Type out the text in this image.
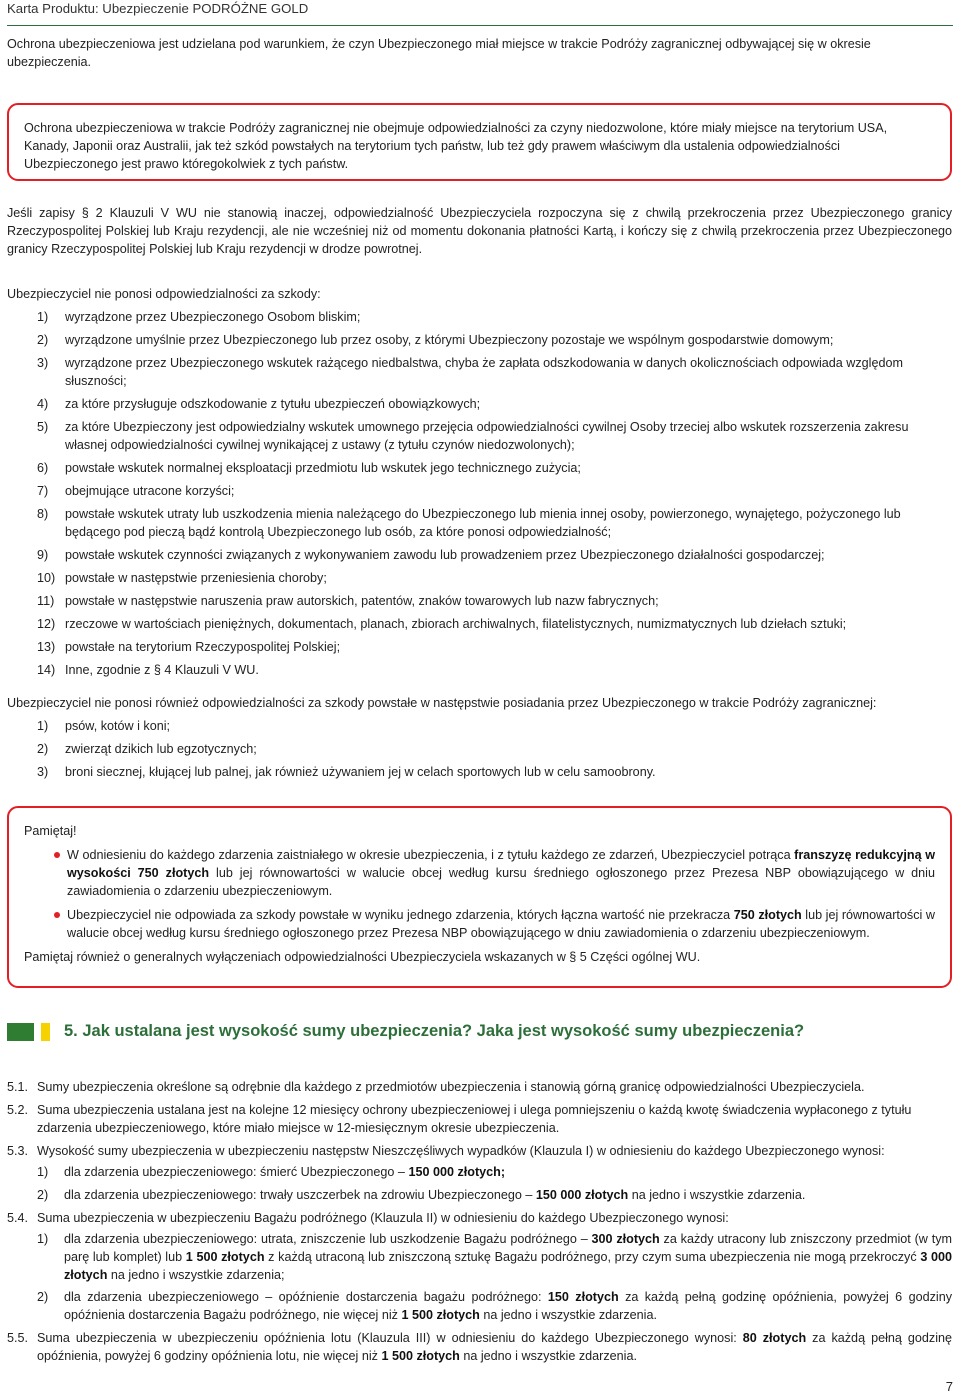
Karta Produktu: Ubezpieczenie PODRÓŻNE GOLD

Ochrona ubezpieczeniowa jest udzielana pod warunkiem, że czyn Ubezpieczonego miał miejsce w trakcie Podróży zagranicznej odbywającej się w okresie ubezpieczenia.

Ochrona ubezpieczeniowa w trakcie Podróży zagranicznej nie obejmuje odpowiedzialności za czyny niedozwolone, które miały miejsce na terytorium USA, Kanady, Japonii oraz Australii, jak też szkód powstałych na terytorium tych państw, lub też gdy prawem właściwym dla ustalenia odpowiedzialności Ubezpieczonego jest prawo któregokolwiek z tych państw.

Jeśli zapisy § 2 Klauzuli V WU nie stanowią inaczej, odpowiedzialność Ubezpieczyciela rozpoczyna się z chwilą przekroczenia przez Ubezpieczonego granicy Rzeczypospolitej Polskiej lub Kraju rezydencji, ale nie wcześniej niż od momentu dokonania płatności Kartą, i kończy się z chwilą przekroczenia przez Ubezpieczonego granicy Rzeczypospolitej Polskiej lub Kraju rezydencji w drodze powrotnej.

Ubezpieczyciel nie ponosi odpowiedzialności za szkody:

1) wyrządzone przez Ubezpieczonego Osobom bliskim;
2) wyrządzone umyślnie przez Ubezpieczonego lub przez osoby, z którymi Ubezpieczony pozostaje we wspólnym gospodarstwie domowym;
3) wyrządzone przez Ubezpieczonego wskutek rażącego niedbalstwa, chyba że zapłata odszkodowania w danych okolicznościach odpowiada względom słuszności;
4) za które przysługuje odszkodowanie z tytułu ubezpieczeń obowiązkowych;
5) za które Ubezpieczony jest odpowiedzialny wskutek umownego przejęcia odpowiedzialności cywilnej Osoby trzeciej albo wskutek rozszerzenia zakresu własnej odpowiedzialności cywilnej wynikającej z ustawy (z tytułu czynów niedozwolonych);
6) powstałe wskutek normalnej eksploatacji przedmiotu lub wskutek jego technicznego zużycia;
7) obejmujące utracone korzyści;
8) powstałe wskutek utraty lub uszkodzenia mienia należącego do Ubezpieczonego lub mienia innej osoby, powierzonego, wynajętego, pożyczonego lub będącego pod pieczą bądź kontrolą Ubezpieczonego lub osób, za które ponosi odpowiedzialność;
9) powstałe wskutek czynności związanych z wykonywaniem zawodu lub prowadzeniem przez Ubezpieczonego działalności gospodarczej;
10) powstałe w następstwie przeniesienia choroby;
11) powstałe w następstwie naruszenia praw autorskich, patentów, znaków towarowych lub nazw fabrycznych;
12) rzeczowe w wartościach pieniężnych, dokumentach, planach, zbiorach archiwalnych, filatelistycznych, numizmatycznych lub dziełach sztuki;
13) powstałe na terytorium Rzeczypospolitej Polskiej;
14) Inne, zgodnie z § 4 Klauzuli V WU.

Ubezpieczyciel nie ponosi również odpowiedzialności za szkody powstałe w następstwie posiadania przez Ubezpieczonego w trakcie Podróży zagranicznej:

1) psów, kotów i koni;
2) zwierząt dzikich lub egzotycznych;
3) broni siecznej, kłującej lub palnej, jak również używaniem jej w celach sportowych lub w celu samoobrony.

Pamiętaj!

W odniesieniu do każdego zdarzenia zaistniałego w okresie ubezpieczenia, i z tytułu każdego ze zdarzeń, Ubezpieczyciel potrąca franszyzę redukcyjną w wysokości 750 złotych lub jej równowartości w walucie obcej według kursu średniego ogłoszonego przez Prezesa NBP obowiązującego w dniu zawiadomienia o zdarzeniu ubezpieczeniowym.
Ubezpieczyciel nie odpowiada za szkody powstałe w wyniku jednego zdarzenia, których łączna wartość nie przekracza 750 złotych lub jej równowartości w walucie obcej według kursu średniego ogłoszonego przez Prezesa NBP obowiązującego w dniu zawiadomienia o zdarzeniu ubezpieczeniowym.

Pamiętaj również o generalnych wyłączeniach odpowiedzialności Ubezpieczyciela wskazanych w § 5 Części ogólnej WU.

5. Jak ustalana jest wysokość sumy ubezpieczenia? Jaka jest wysokość sumy ubezpieczenia?
5.1. Sumy ubezpieczenia określone są odrębnie dla każdego z przedmiotów ubezpieczenia i stanowią górną granicę odpowiedzialności Ubezpieczyciela.

5.2. Suma ubezpieczenia ustalana jest na kolejne 12 miesięcy ochrony ubezpieczeniowej i ulega pomniejszeniu o każdą kwotę świadczenia wypłaconego z tytułu zdarzenia ubezpieczeniowego, które miało miejsce w 12-miesięcznym okresie ubezpieczenia.

5.3. Wysokość sumy ubezpieczenia w ubezpieczeniu następstw Nieszczęśliwych wypadków (Klauzula I) w odniesieniu do każdego Ubezpieczonego wynosi:

1)	dla zdarzenia ubezpieczeniowego: śmierć Ubezpieczonego – 150 000 złotych;

2)	dla zdarzenia ubezpieczeniowego: trwały uszczerbek na zdrowiu Ubezpieczonego – 150 000 złotych na jedno i wszystkie zdarzenia.

5.4. Suma ubezpieczenia w ubezpieczeniu Bagażu podróżnego (Klauzula II) w odniesieniu do każdego Ubezpieczonego wynosi:

1)	dla zdarzenia ubezpieczeniowego: utrata, zniszczenie lub uszkodzenie Bagażu podróżnego – 300 złotych za każdy utracony lub zniszczony przedmiot (w tym parę lub komplet) lub 1 500 złotych z każdą utraconą lub zniszczoną sztukę Bagażu podróżnego, przy czym suma ubezpieczenia nie mogą przekroczyć 3 000 złotych na jedno i wszystkie zdarzenia;

2)	dla zdarzenia ubezpieczeniowego – opóźnienie dostarczenia bagażu podróżnego: 150 złotych za każdą pełną godzinę opóźnienia, powyżej 6 godziny opóźnienia dostarczenia Bagażu podróżnego, nie więcej niż 1 500 złotych na jedno i wszystkie zdarzenia.

5.5. Suma ubezpieczenia w ubezpieczeniu opóźnienia lotu (Klauzula III) w odniesieniu do każdego Ubezpieczonego wynosi: 80 złotych za każdą pełną godzinę opóźnienia, powyżej 6 godziny opóźnienia lotu, nie więcej niż 1 500 złotych na jedno i wszystkie zdarzenia.

7
